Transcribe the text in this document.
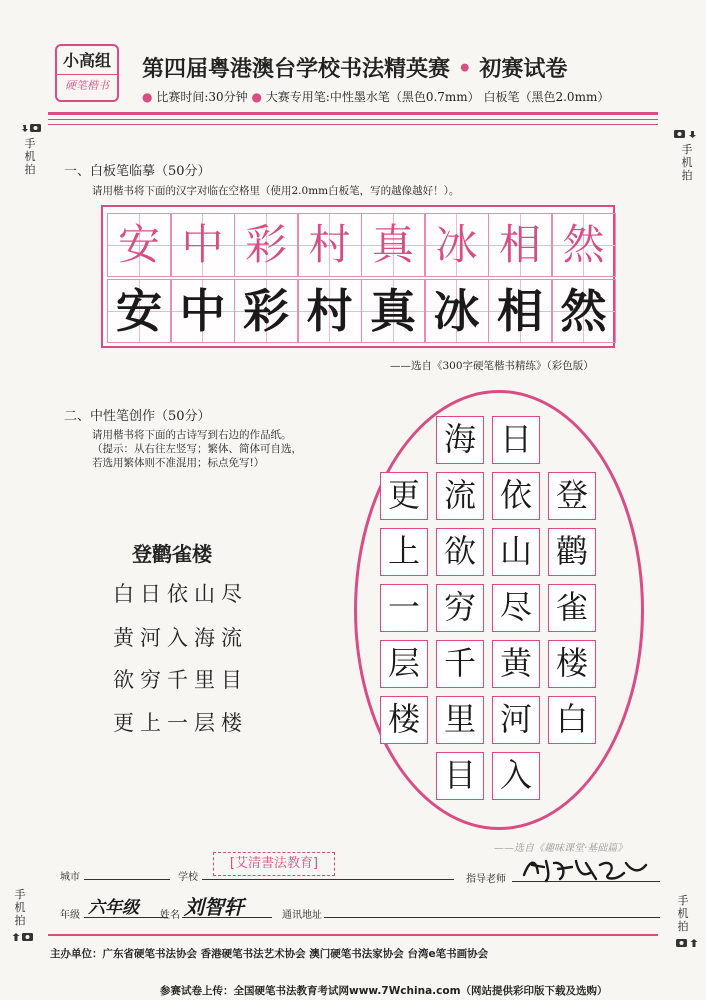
小高组
硬笔楷书
第四届粤港澳台学校书法精英赛 • 初赛试卷
● 比赛时间:30分钟 ● 大赛专用笔:中性墨水笔（黑色0.7mm） 白板笔（黑色2.0mm）
手机拍
手机拍
手机拍
手机拍
一、白板笔临摹（50分）
请用楷书将下面的汉字对临在空格里（使用2.0mm白板笔，写的越像越好！）。
安 中 彩 村 真 冰 相 然
安 中 彩 村 真 冰 相 然
——选自《300字硬笔楷书精练》（彩色版）
二、中性笔创作（50分）
请用楷书将下面的古诗写到右边的作品纸。
（提示：从右往左竖写；繁体、简体可自选，
若选用繁体则不准混用；标点免写!）
登鹳雀楼
白日依山尽
黄河入海流
欲穷千里目
更上一层楼
登
鹳
雀
楼
白
日
依
山
尽
黄
河
入
海
流
欲
穷
千
里
目
更
上
一
层
楼
——选自《趣味课堂·基础篇》
城市	学校
[艾清書法教育]
指导老师
年级 六年级 姓名 刘智轩	通讯地址
主办单位：广东省硬笔书法协会 香港硬笔书法艺术协会 澳门硬笔书法家协会 台湾e笔书画协会
参赛试卷上传：全国硬笔书法教育考试网www.7Wchina.com（网站提供彩印版下载及选购）
